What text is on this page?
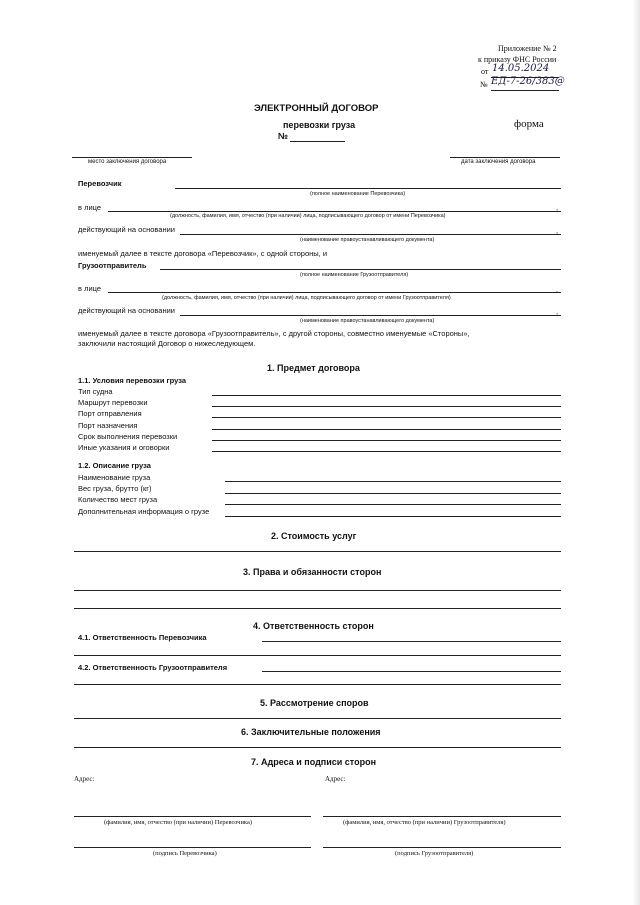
Приложение № 2
к приказу ФНС России
от 14.05.2024
№ ЕД-7-26/383@
ЭЛЕКТРОННЫЙ ДОГОВОР
перевозки груза
№
форма
место заключения договора	дата заключения договора
Перевозчик
(полное наименование Перевозчика)
в лице	,
(должность, фамилия, имя, отчество (при наличии) лица, подписывающего договор от имени Перевозчика)
действующий на основании	,
(наименование правоустанавливающего документа)
именуемый далее в тексте договора «Перевозчик», с одной стороны, и
Грузоотправитель
(полное наименование Грузоотправителя)
в лице	,
(должность, фамилия, имя, отчество (при наличии) лица, подписывающего договор от имени Грузоотправителя)
действующий на основании	,
(наименование правоустанавливающего документа)
именуемый далее в тексте договора «Грузоотправитель», с другой стороны, совместно именуемые «Стороны»,
заключили настоящий Договор о нижеследующем.
1. Предмет договора
1.1. Условия перевозки груза
Тип судна
Маршрут перевозки
Порт отправления
Порт назначения
Срок выполнения перевозки
Иные указания и оговорки
1.2. Описание груза
Наименование груза
Вес груза, брутто (кг)
Количество мест груза
Дополнительная информация о грузе
2. Стоимость услуг
3. Права и обязанности сторон
4. Ответственность сторон
4.1. Ответственность Перевозчика
4.2. Ответственность Грузоотправителя
5. Рассмотрение споров
6. Заключительные положения
7. Адреса и подписи сторон
Адрес:	Адрес:
(фамилия, имя, отчество (при наличии) Перевозчика)	(фамилия, имя, отчество (при наличии) Грузоотправителя)
(подпись Перевозчика)	(подпись Грузоотправителя)
